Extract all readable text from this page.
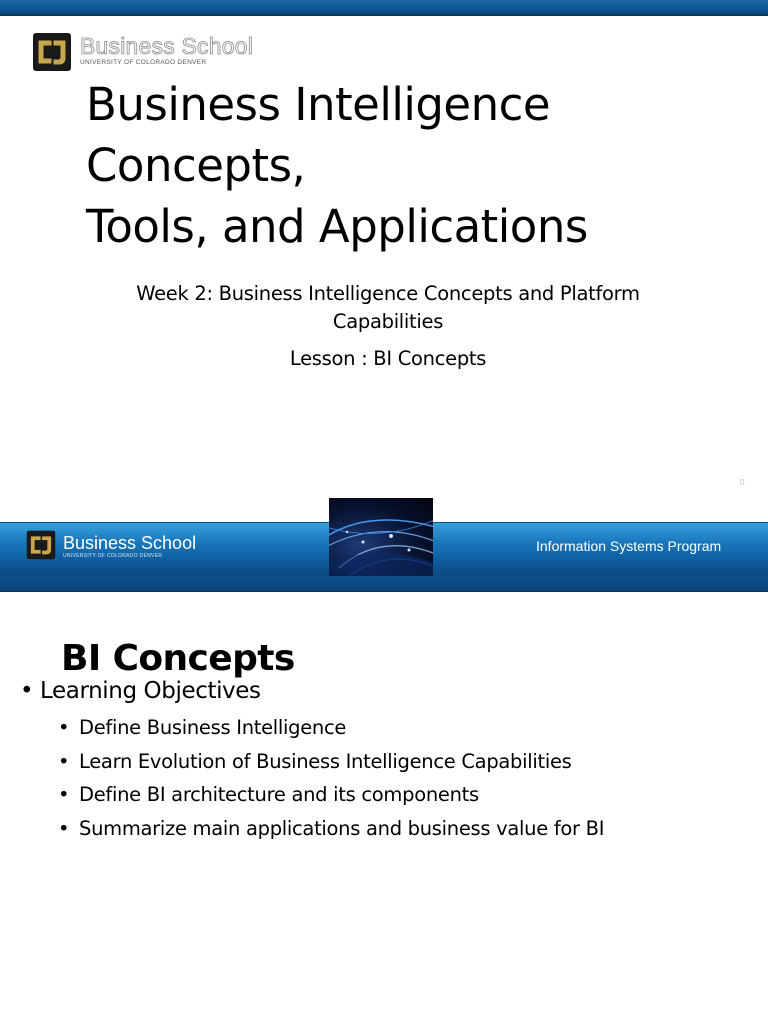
Business School
UNIVERSITY OF COLORADO DENVER
Business Intelligence
Concepts,
Tools, and Applications
Week 2: Business Intelligence Concepts and Platform
Capabilities
Lesson : BI Concepts
0
Business School
UNIVERSITY OF COLORADO DENVER
Information Systems Program
BI Concepts
• Learning Objectives
• Define Business Intelligence
• Learn Evolution of Business Intelligence Capabilities
• Define BI architecture and its components
• Summarize main applications and business value for BI
